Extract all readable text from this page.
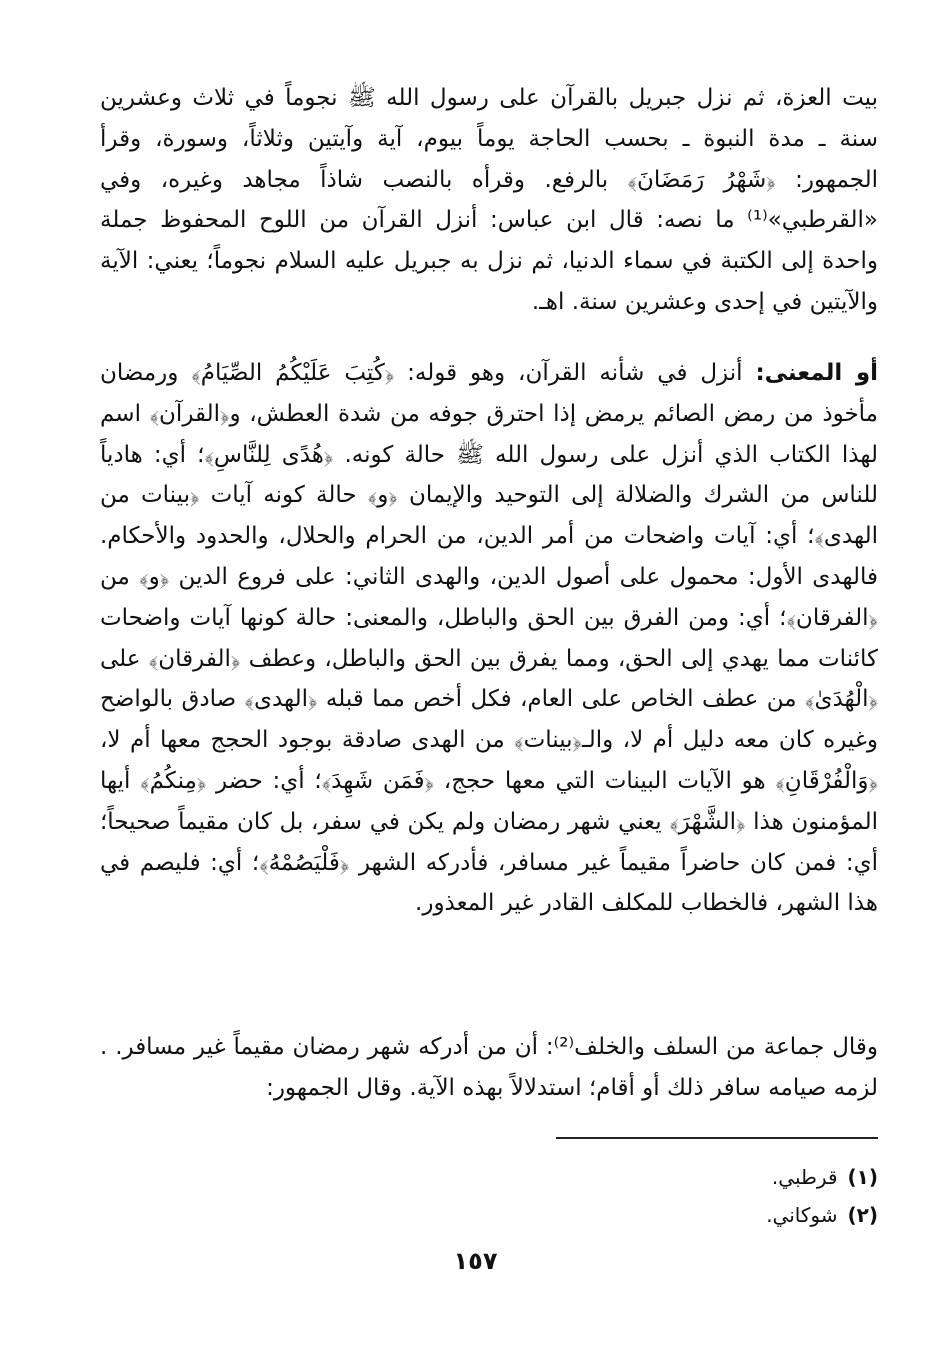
بيت العزة، ثم نزل جبريل بالقرآن على رسول الله ﷺ نجوماً في ثلاث وعشرين سنة ـ مدة النبوة ـ بحسب الحاجة يوماً بيوم، آية وآيتين وثلاثاً، وسورة، وقرأ الجمهور: ﴿شَهْرُ رَمَضَانَ﴾ بالرفع. وقرأه بالنصب شاذاً مجاهد وغيره، وفي «القرطبي»⁽¹⁾ ما نصه: قال ابن عباس: أنزل القرآن من اللوح المحفوظ جملة واحدة إلى الكتبة في سماء الدنيا، ثم نزل به جبريل عليه السلام نجوماً؛ يعني: الآية والآيتين في إحدى وعشرين سنة. اهـ.

أو المعنى: أنزل في شأنه القرآن، وهو قوله: ﴿كُتِبَ عَلَيْكُمُ الصِّيَامُ﴾ ورمضان مأخوذ من رمض الصائم يرمض إذا احترق جوفه من شدة العطش، و﴿القرآن﴾ اسم لهذا الكتاب الذي أنزل على رسول الله ﷺ حالة كونه. ﴿هُدًى لِلنَّاسِ﴾؛ أي: هادياً للناس من الشرك والضلالة إلى التوحيد والإيمان ﴿و﴾ حالة كونه آيات ﴿بينات من الهدى﴾؛ أي: آيات واضحات من أمر الدين، من الحرام والحلال، والحدود والأحكام. فالهدى الأول: محمول على أصول الدين، والهدى الثاني: على فروع الدين ﴿و﴾ من ﴿الفرقان﴾؛ أي: ومن الفرق بين الحق والباطل، والمعنى: حالة كونها آيات واضحات كائنات مما يهدي إلى الحق، ومما يفرق بين الحق والباطل، وعطف ﴿الفرقان﴾ على ﴿الْهُدَىٰ﴾ من عطف الخاص على العام، فكل أخص مما قبله ﴿الهدى﴾ صادق بالواضح وغيره كان معه دليل أم لا، والـ﴿بينات﴾ من الهدى صادقة بوجود الحجج معها أم لا، ﴿وَالْفُرْقَانِ﴾ هو الآيات البينات التي معها حجج، ﴿فَمَن شَهِدَ﴾؛ أي: حضر ﴿مِنكُمُ﴾ أيها المؤمنون هذا ﴿الشَّهْرَ﴾ يعني شهر رمضان ولم يكن في سفر، بل كان مقيماً صحيحاً؛ أي: فمن كان حاضراً مقيماً غير مسافر، فأدركه الشهر ﴿فَلْيَصُمْهُ﴾؛ أي: فليصم في هذا الشهر، فالخطاب للمكلف القادر غير المعذور.

وقال جماعة من السلف والخلف⁽²⁾: أن من أدركه شهر رمضان مقيماً غير مسافر. . لزمه صيامه سافر ذلك أو أقام؛ استدلالاً بهذه الآية. وقال الجمهور:

(١)قرطبي.
(٢)شوكاني.
١٥٧
